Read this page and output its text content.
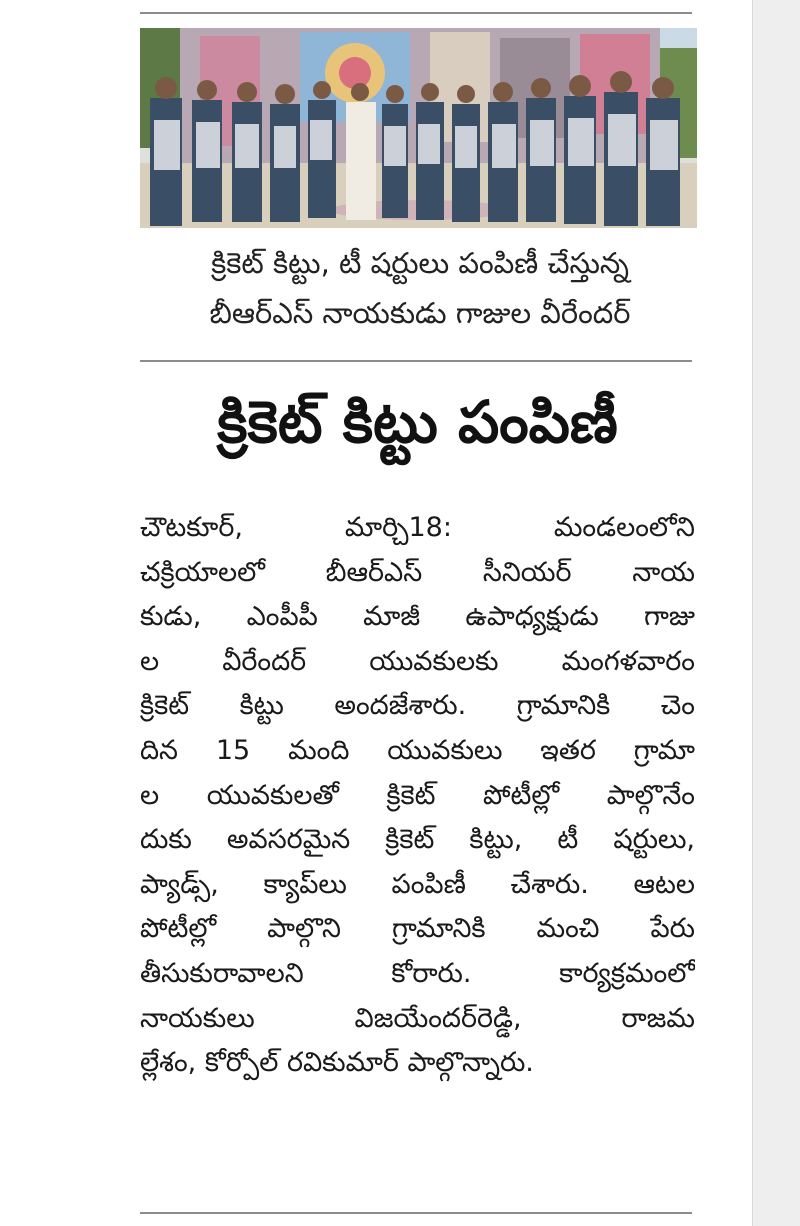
క్రికెట్ కిట్టు, టీ షర్టులు పంపిణీ చేస్తున్న
బీఆర్ఎస్ నాయకుడు గాజుల వీరేందర్
క్రికెట్ కిట్టు పంపిణీ
చౌటకూర్, మార్చి18: మండలంలోని
చక్రియాలలో బీఆర్ఎస్ సీనియర్ నాయ
కుడు, ఎంపీపీ మాజీ ఉపాధ్యక్షుడు గాజు
ల వీరేందర్ యువకులకు మంగళవారం
క్రికెట్ కిట్టు అందజేశారు. గ్రామానికి చెం
దిన 15 మంది యువకులు ఇతర గ్రామా
ల యువకులతో క్రికెట్ పోటీల్లో పాల్గొనేం
దుకు అవసరమైన క్రికెట్ కిట్టు, టీ షర్టులు,
ప్యాడ్స్, క్యాప్‌లు పంపిణీ చేశారు. ఆటల
పోటీల్లో పాల్గొని గ్రామానికి మంచి పేరు
తీసుకురావాలని కోరారు. కార్యక్రమంలో
నాయకులు విజయేందర్‌రెడ్డి, రాజమ
ల్లేశం, కోర్పోల్ రవికుమార్ పాల్గొన్నారు.
